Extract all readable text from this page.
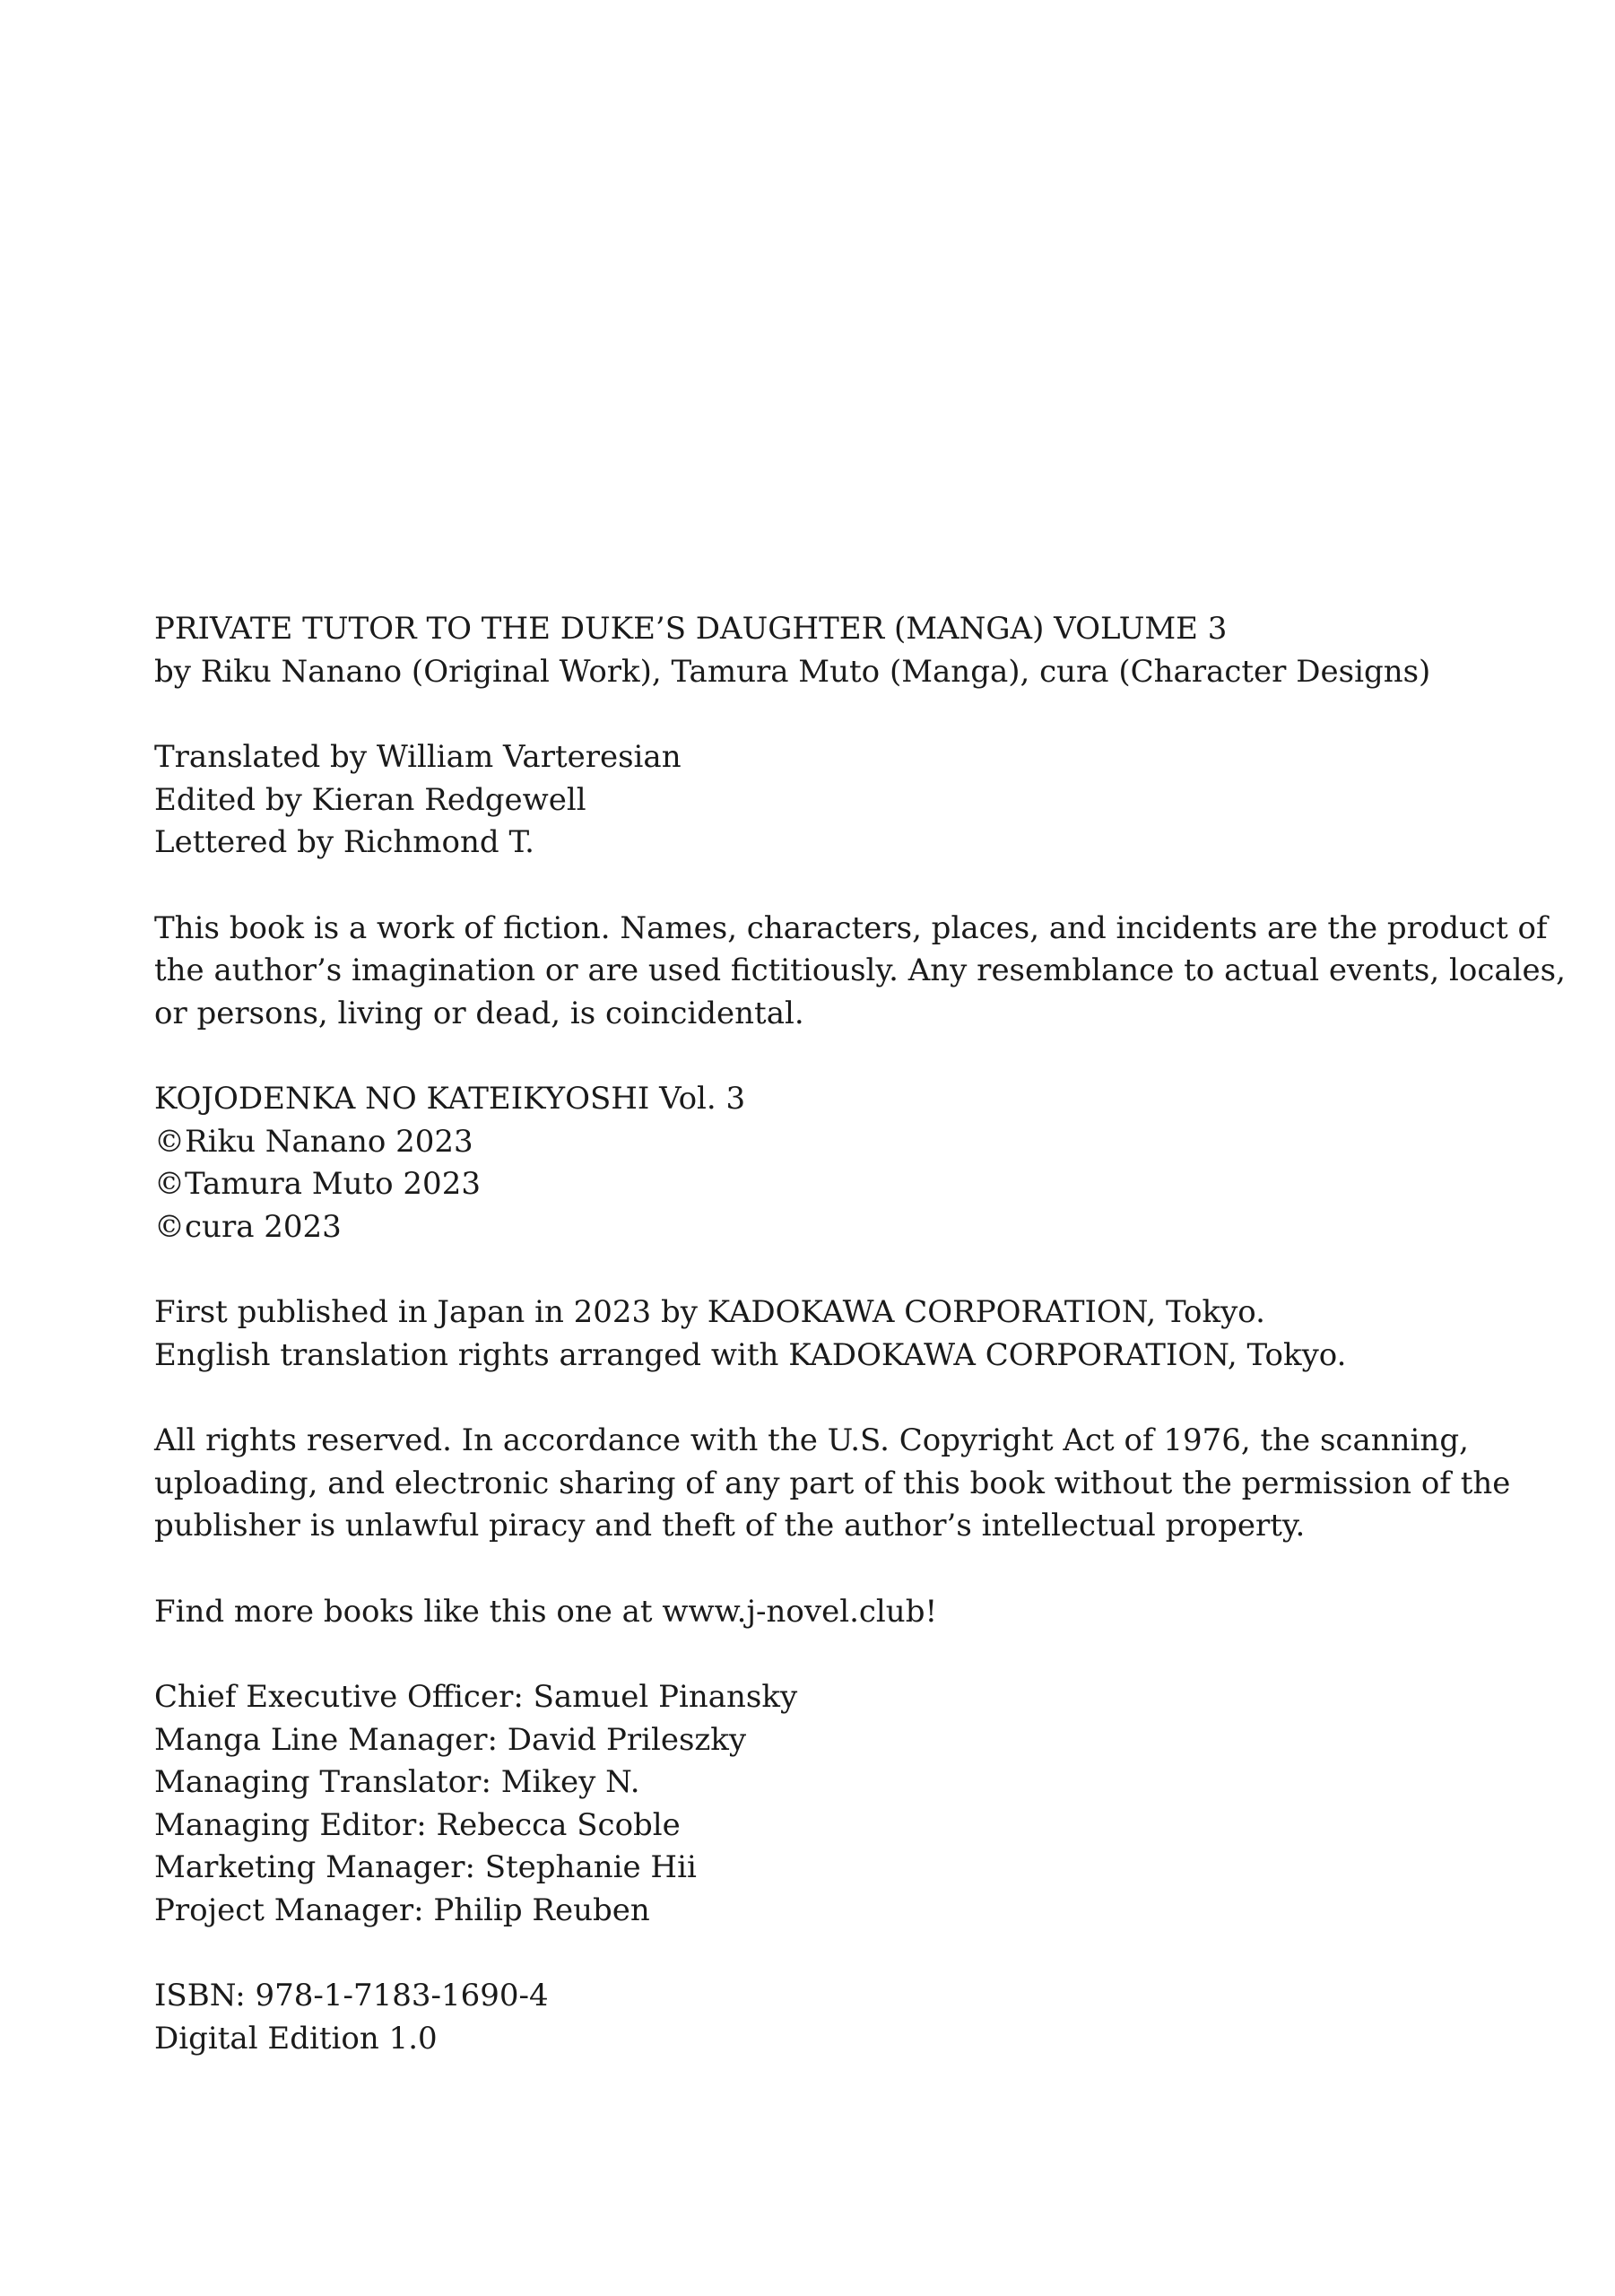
PRIVATE TUTOR TO THE DUKE’S DAUGHTER (MANGA) VOLUME 3
by Riku Nanano (Original Work), Tamura Muto (Manga), cura (Character Designs)
Translated by William Varteresian
Edited by Kieran Redgewell
Lettered by Richmond T.
This book is a work of fiction. Names, characters, places, and incidents are the product of
the author’s imagination or are used fictitiously. Any resemblance to actual events, locales,
or persons, living or dead, is coincidental.
KOJODENKA NO KATEIKYOSHI Vol. 3
©Riku Nanano 2023
©Tamura Muto 2023
©cura 2023
First published in Japan in 2023 by KADOKAWA CORPORATION, Tokyo.
English translation rights arranged with KADOKAWA CORPORATION, Tokyo.
All rights reserved. In accordance with the U.S. Copyright Act of 1976, the scanning,
uploading, and electronic sharing of any part of this book without the permission of the
publisher is unlawful piracy and theft of the author’s intellectual property.
Find more books like this one at www.j-novel.club!
Chief Executive Officer: Samuel Pinansky
Manga Line Manager: David Prileszky
Managing Translator: Mikey N.
Managing Editor: Rebecca Scoble
Marketing Manager: Stephanie Hii
Project Manager: Philip Reuben
ISBN: 978-1-7183-1690-4
Digital Edition 1.0
